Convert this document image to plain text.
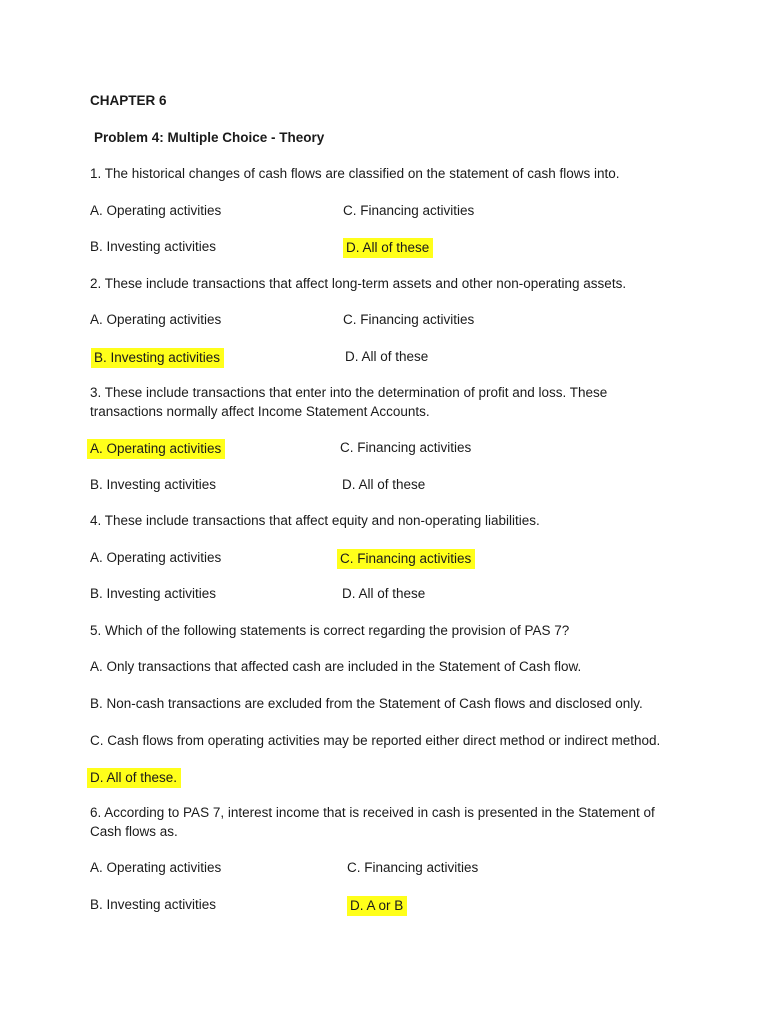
CHAPTER 6
Problem 4: Multiple Choice - Theory
1. The historical changes of cash flows are classified on the statement of cash flows into.
A. Operating activities	C. Financing activities
B. Investing activities	D. All of these
2. These include transactions that affect long-term assets and other non-operating assets.
A. Operating activities	C. Financing activities
B. Investing activities	D. All of these
3. These include transactions that enter into the determination of profit and loss. These
transactions normally affect Income Statement Accounts.
A. Operating activities	C. Financing activities
B. Investing activities	D. All of these
4. These include transactions that affect equity and non-operating liabilities.
A. Operating activities	C. Financing activities
B. Investing activities	D. All of these
5. Which of the following statements is correct regarding the provision of PAS 7?
A. Only transactions that affected cash are included in the Statement of Cash flow.
B. Non-cash transactions are excluded from the Statement of Cash flows and disclosed only.
C. Cash flows from operating activities may be reported either direct method or indirect method.
D. All of these.
6. According to PAS 7, interest income that is received in cash is presented in the Statement of
Cash flows as.
A. Operating activities	C. Financing activities
B. Investing activities	D. A or B
